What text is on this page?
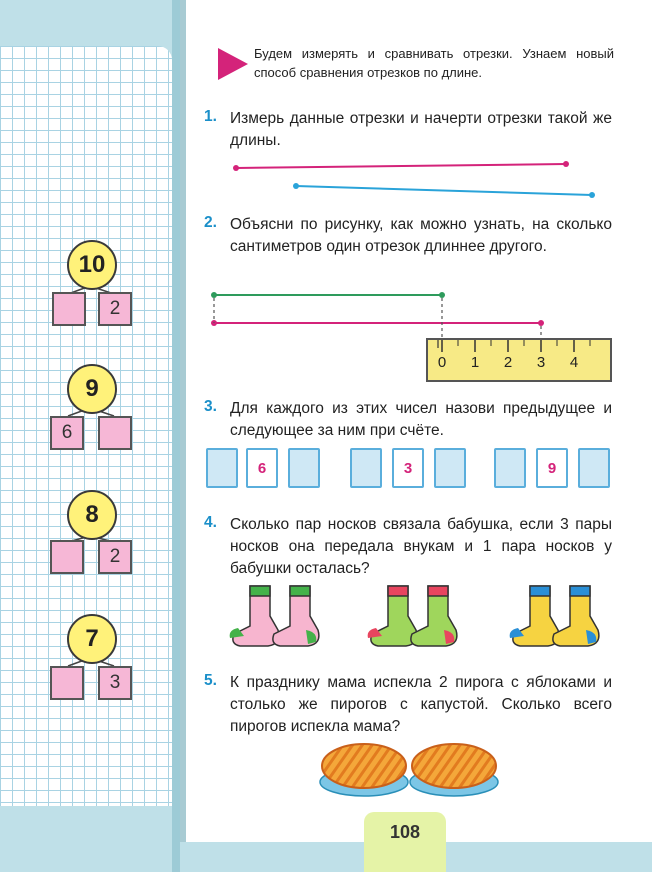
10
2
9
6
8
2
7
3
Будем измерять и сравнивать отрезки. Узнаем новый способ сравнения отрезков по длине.
1. Измерь данные отрезки и начерти отрезки такой же длины.
2. Объясни по рисунку, как можно узнать, на сколько сантиметров один отрезок длиннее другого.
0 1 2 3 4
3. Для каждого из этих чисел назови предыдущее и следующее за ним при счёте.
6	3	9
4. Сколько пар носков связала бабушка, если 3 пары носков она передала внукам и 1 пара носков у бабушки осталась?
5. К празднику мама испекла 2 пирога с яблоками и столько же пирогов с капустой. Сколько всего пирогов испекла мама?
108
